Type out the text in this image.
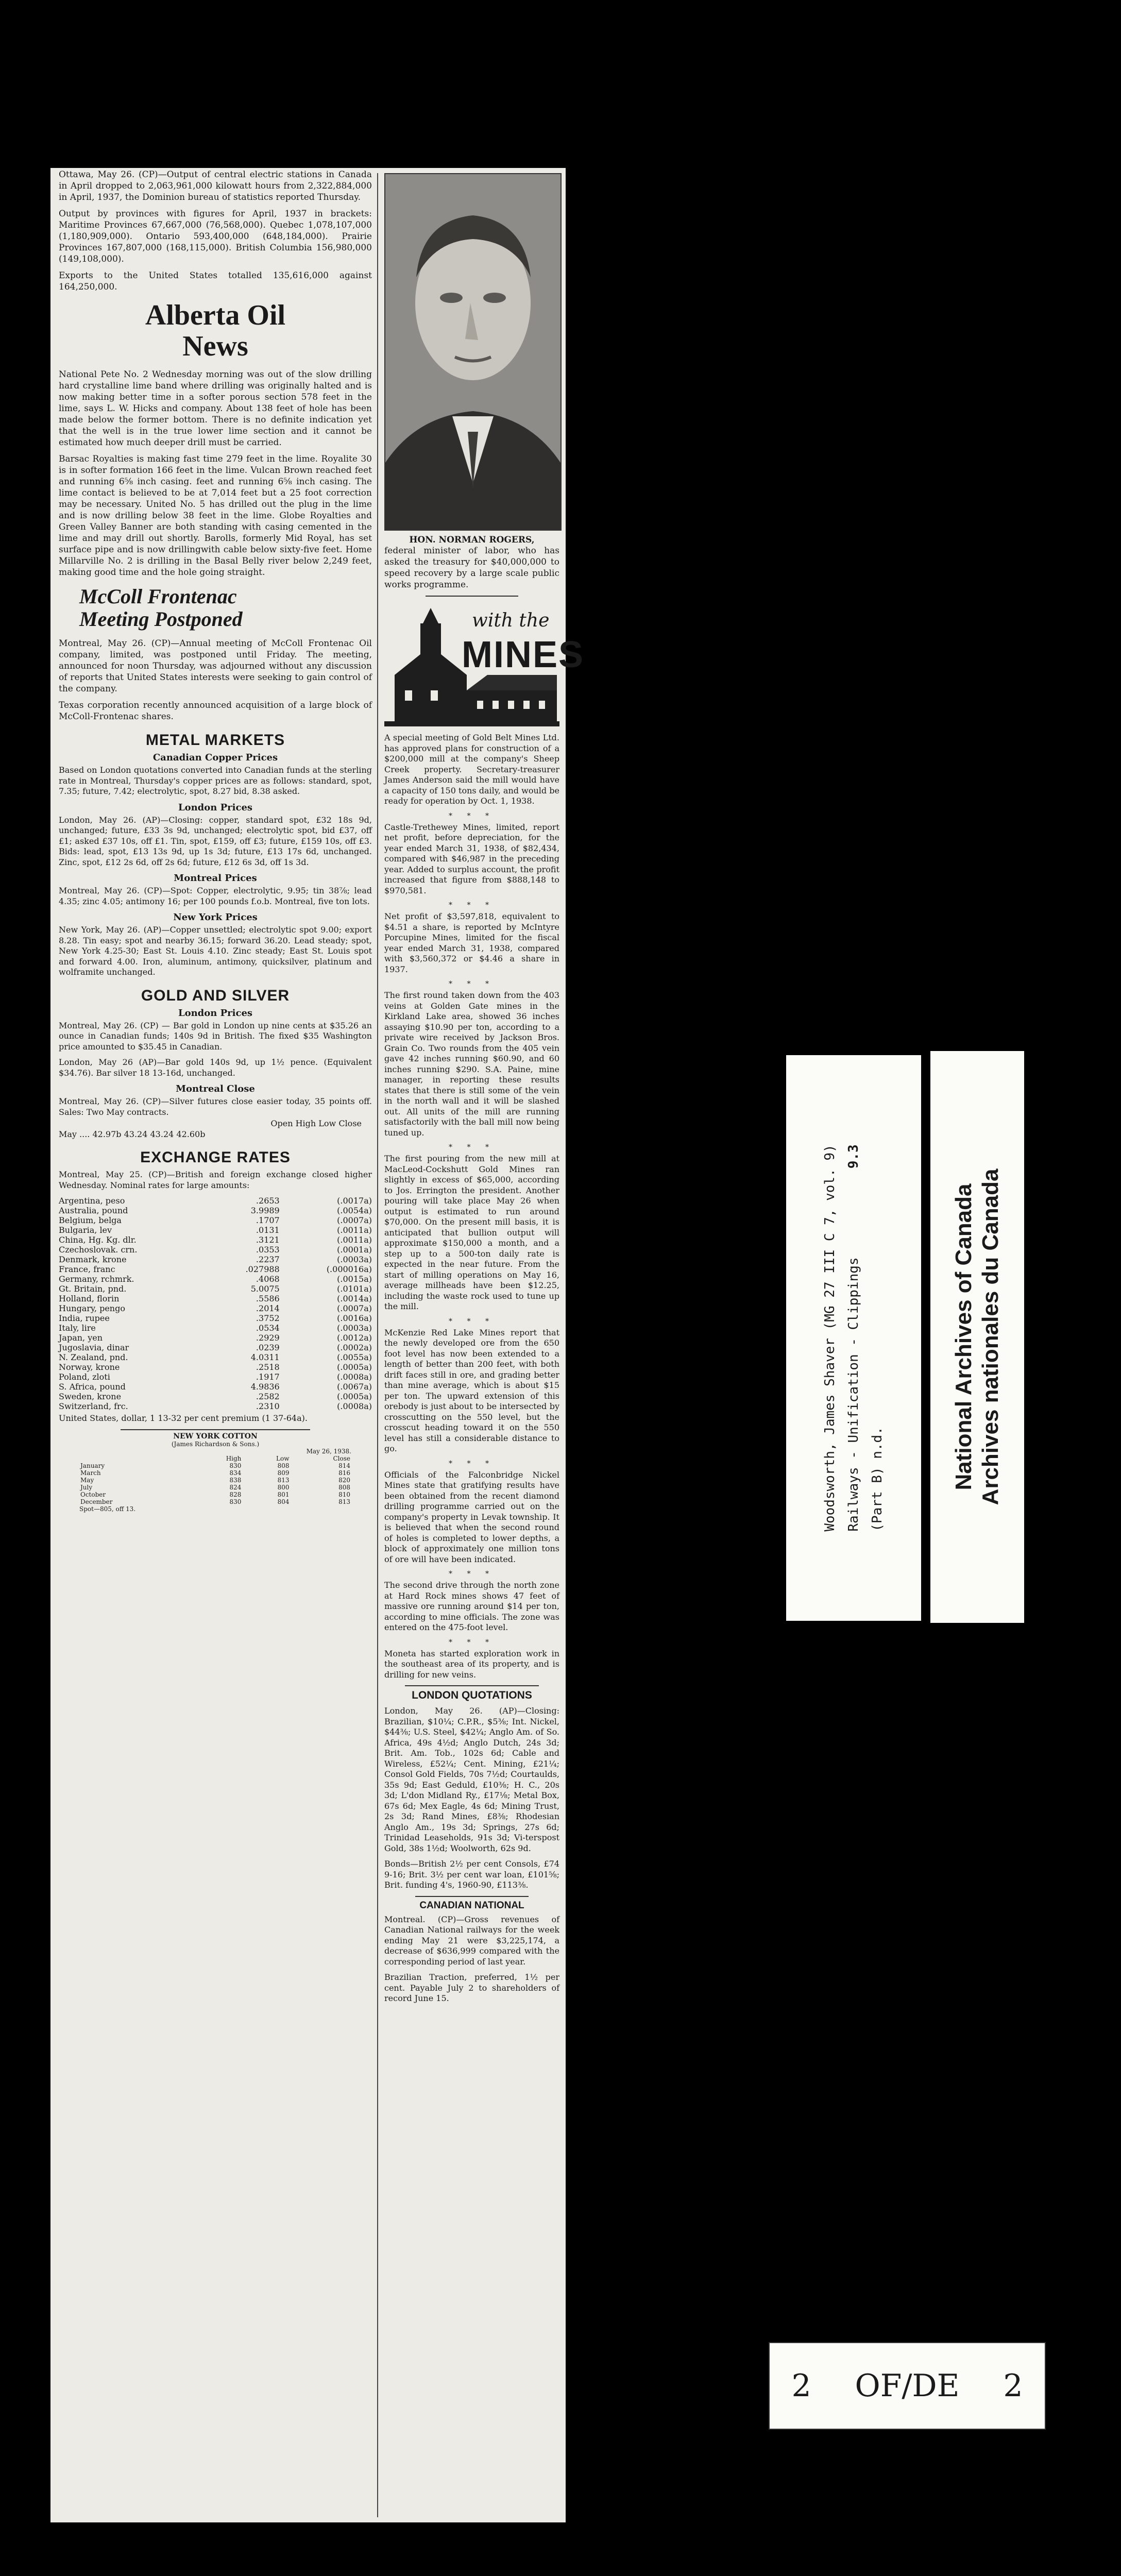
Ottawa, May 26. (CP)—Output of central electric stations in Canada in April dropped to 2,063,961,000 kilowatt hours from 2,322,884,000 in April, 1937, the Dominion bureau of statistics reported Thursday.

Output by provinces with figures for April, 1937 in brackets: Maritime Provinces 67,667,000 (76,568,000). Quebec 1,078,107,000 (1,180,909,000). Ontario 593,400,000 (648,184,000). Prairie Provinces 167,807,000 (168,115,000). British Columbia 156,980,000 (149,108,000).

Exports to the United States totalled 135,616,000 against 164,250,000.

Alberta Oil News

National Pete No. 2 Wednesday morning was out of the slow drilling hard crystalline lime band where drilling was originally halted and is now making better time in a softer porous section 578 feet in the lime, says L. W. Hicks and company. About 138 feet of hole has been made below the former bottom. There is no definite indication yet that the well is in the true lower lime section and it cannot be estimated how much deeper drill must be carried.

Barsac Royalties is making fast time 279 feet in the lime. Royalite 30 is in softer formation 166 feet in the lime. Vulcan Brown reached feet and running 6⅝ inch casing. feet and running 6⅝ inch casing. The lime contact is believed to be at 7,014 feet but a 25 foot correction may be necessary. United No. 5 has drilled out the plug in the lime and is now drilling below 38 feet in the lime. Globe Royalties and Green Valley Banner are both standing with casing cemented in the lime and may drill out shortly. Barolls, formerly Mid Royal, has set surface pipe and is now drillingwith cable below sixty-five feet. Home Millarville No. 2 is drilling in the Basal Belly river below 2,249 feet, making good time and the hole going straight.

McColl Frontenac Meeting Postponed

Montreal, May 26. (CP)—Annual meeting of McColl Frontenac Oil company, limited, was postponed until Friday. The meeting, announced for noon Thursday, was adjourned without any discussion of reports that United States interests were seeking to gain control of the company.

Texas corporation recently announced acquisition of a large block of McColl-Frontenac shares.

METAL MARKETS
Canadian Copper Prices

Based on London quotations converted into Canadian funds at the sterling rate in Montreal, Thursday's copper prices are as follows: standard, spot, 7.35; future, 7.42; electrolytic, spot, 8.27 bid, 8.38 asked.

London Prices

London, May 26. (AP)—Closing: copper, standard spot, £32 18s 9d, unchanged; future, £33 3s 9d, unchanged; electrolytic spot, bid £37, off £1; asked £37 10s, off £1. Tin, spot, £159, off £3; future, £159 10s, off £3. Bids: lead, spot, £13 13s 9d, up 1s 3d; future, £13 17s 6d, unchanged. Zinc, spot, £12 2s 6d, off 2s 6d; future, £12 6s 3d, off 1s 3d.

Montreal Prices

Montreal, May 26. (CP)—Spot: Copper, electrolytic, 9.95; tin 38⅞; lead 4.35; zinc 4.05; antimony 16; per 100 pounds f.o.b. Montreal, five ton lots.

New York Prices

New York, May 26. (AP)—Copper unsettled; electrolytic spot 9.00; export 8.28. Tin easy; spot and nearby 36.15; forward 36.20. Lead steady; spot, New York 4.25-30; East St. Louis 4.10. Zinc steady; East St. Louis spot and forward 4.00. Iron, aluminum, antimony, quicksilver, platinum and wolframite unchanged.

GOLD AND SILVER
London Prices

Montreal, May 26. (CP) — Bar gold in London up nine cents at $35.26 an ounce in Canadian funds; 140s 9d in British. The fixed $35 Washington price amounted to $35.45 in Canadian.

London, May 26 (AP)—Bar gold 140s 9d, up 1½ pence. (Equivalent $34.76). Bar silver 18 13-16d, unchanged.

Montreal Close

Montreal, May 26. (CP)—Silver futures close easier today, 35 points off. Sales: Two May contracts.

Open High Low Close
May .... 42.97b 43.24 43.24 42.60b
EXCHANGE RATES

Montreal, May 25. (CP)—British and foreign exchange closed higher Wednesday. Nominal rates for large amounts:

Argentina, peso	.2653	(.0017a)
Australia, pound	3.9989	(.0054a)
Belgium, belga	.1707	(.0007a)
Bulgaria, lev	.0131	(.0011a)
China, Hg. Kg. dlr.	.3121	(.0011a)
Czechoslovak. crn.	.0353	(.0001a)
Denmark, krone	.2237	(.0003a)
France, franc	.027988	(.000016a)
Germany, rchmrk.	.4068	(.0015a)
Gt. Britain, pnd.	5.0075	(.0101a)
Holland, florin	.5586	(.0014a)
Hungary, pengo	.2014	(.0007a)
India, rupee	.3752	(.0016a)
Italy, lire	.0534	(.0003a)
Japan, yen	.2929	(.0012a)
Jugoslavia, dinar	.0239	(.0002a)
N. Zealand, pnd.	4.0311	(.0055a)
Norway, krone	.2518	(.0005a)
Poland, zloti	.1917	(.0008a)
S. Africa, pound	4.9836	(.0067a)
Sweden, krone	.2582	(.0005a)
Switzerland, frc.	.2310	(.0008a)

United States, dollar, 1 13-32 per cent premium (1 37-64a).

NEW YORK COTTON
(James Richardson & Sons.)
May 26, 1938.
	High	Low	Close
January	830	808	814
March	834	809	816
May	838	813	820
July	824	800	808
October	828	801	810
December	830	804	813
Spot—805, off 13.
HON. NORMAN ROGERS,

federal minister of labor, who has asked the treasury for $40,000,000 to speed recovery by a large scale public works programme.

with the
MINES

A special meeting of Gold Belt Mines Ltd. has approved plans for construction of a $200,000 mill at the company's Sheep Creek property. Secretary-treasurer James Anderson said the mill would have a capacity of 150 tons daily, and would be ready for operation by Oct. 1, 1938.

* * *

Castle-Trethewey Mines, limited, report net profit, before depreciation, for the year ended March 31, 1938, of $82,434, compared with $46,987 in the preceding year. Added to surplus account, the profit increased that figure from $888,148 to $970,581.

* * *

Net profit of $3,597,818, equivalent to $4.51 a share, is reported by McIntyre Porcupine Mines, limited for the fiscal year ended March 31, 1938, compared with $3,560,372 or $4.46 a share in 1937.

* * *

The first round taken down from the 403 veins at Golden Gate mines in the Kirkland Lake area, showed 36 inches assaying $10.90 per ton, according to a private wire received by Jackson Bros. Grain Co. Two rounds from the 405 vein gave 42 inches running $60.90, and 60 inches running $290. S.A. Paine, mine manager, in reporting these results states that there is still some of the vein in the north wall and it will be slashed out. All units of the mill are running satisfactorily with the ball mill now being tuned up.

* * *

The first pouring from the new mill at MacLeod-Cockshutt Gold Mines ran slightly in excess of $65,000, according to Jos. Errington the president. Another pouring will take place May 26 when output is estimated to run around $70,000. On the present mill basis, it is anticipated that bullion output will approximate $150,000 a month, and a step up to a 500-ton daily rate is expected in the near future. From the start of milling operations on May 16, average millheads have been $12.25, including the waste rock used to tune up the mill.

* * *

McKenzie Red Lake Mines report that the newly developed ore from the 650 foot level has now been extended to a length of better than 200 feet, with both drift faces still in ore, and grading better than mine average, which is about $15 per ton. The upward extension of this orebody is just about to be intersected by crosscutting on the 550 level, but the crosscut heading toward it on the 550 level has still a considerable distance to go.

* * *

Officials of the Falconbridge Nickel Mines state that gratifying results have been obtained from the recent diamond drilling programme carried out on the company's property in Levak township. It is believed that when the second round of holes is completed to lower depths, a block of approximately one million tons of ore will have been indicated.

* * *

The second drive through the north zone at Hard Rock mines shows 47 feet of massive ore running around $14 per ton, according to mine officials. The zone was entered on the 475-foot level.

* * *

Moneta has started exploration work in the southeast area of its property, and is drilling for new veins.

LONDON QUOTATIONS

London, May 26. (AP)—Closing: Brazilian, $10¼; C.P.R., $5⅜; Int. Nickel, $44⅜; U.S. Steel, $42¼; Anglo Am. of So. Africa, 49s 4½d; Anglo Dutch, 24s 3d; Brit. Am. Tob., 102s 6d; Cable and Wireless, £52¼; Cent. Mining, £21¼; Consol Gold Fields, 70s 7½d; Courtaulds, 35s 9d; East Geduld, £10⅜; H. C., 20s 3d; L'don Midland Ry., £17⅛; Metal Box, 67s 6d; Mex Eagle, 4s 6d; Mining Trust, 2s 3d; Rand Mines, £8⅜; Rhodesian Anglo Am., 19s 3d; Springs, 27s 6d; Trinidad Leaseholds, 91s 3d; Vi-terspost Gold, 38s 1½d; Woolworth, 62s 9d.

Bonds—British 2½ per cent Consols, £74 9-16; Brit. 3½ per cent war loan, £101⅝; Brit. funding 4's, 1960-90, £113⅜.

CANADIAN NATIONAL

Montreal. (CP)—Gross revenues of Canadian National railways for the week ending May 21 were $3,225,174, a decrease of $636,999 compared with the corresponding period of last year.

Brazilian Traction, preferred, 1½ per cent. Payable July 2 to shareholders of record June 15.

Woodsworth, James Shaver (MG 27 III C 7, vol. 9) Railways - Unification - Clippings
9.3
(Part B) n.d.	National Archives of Canada Archives nationales du Canada
2 OF/DE 2
